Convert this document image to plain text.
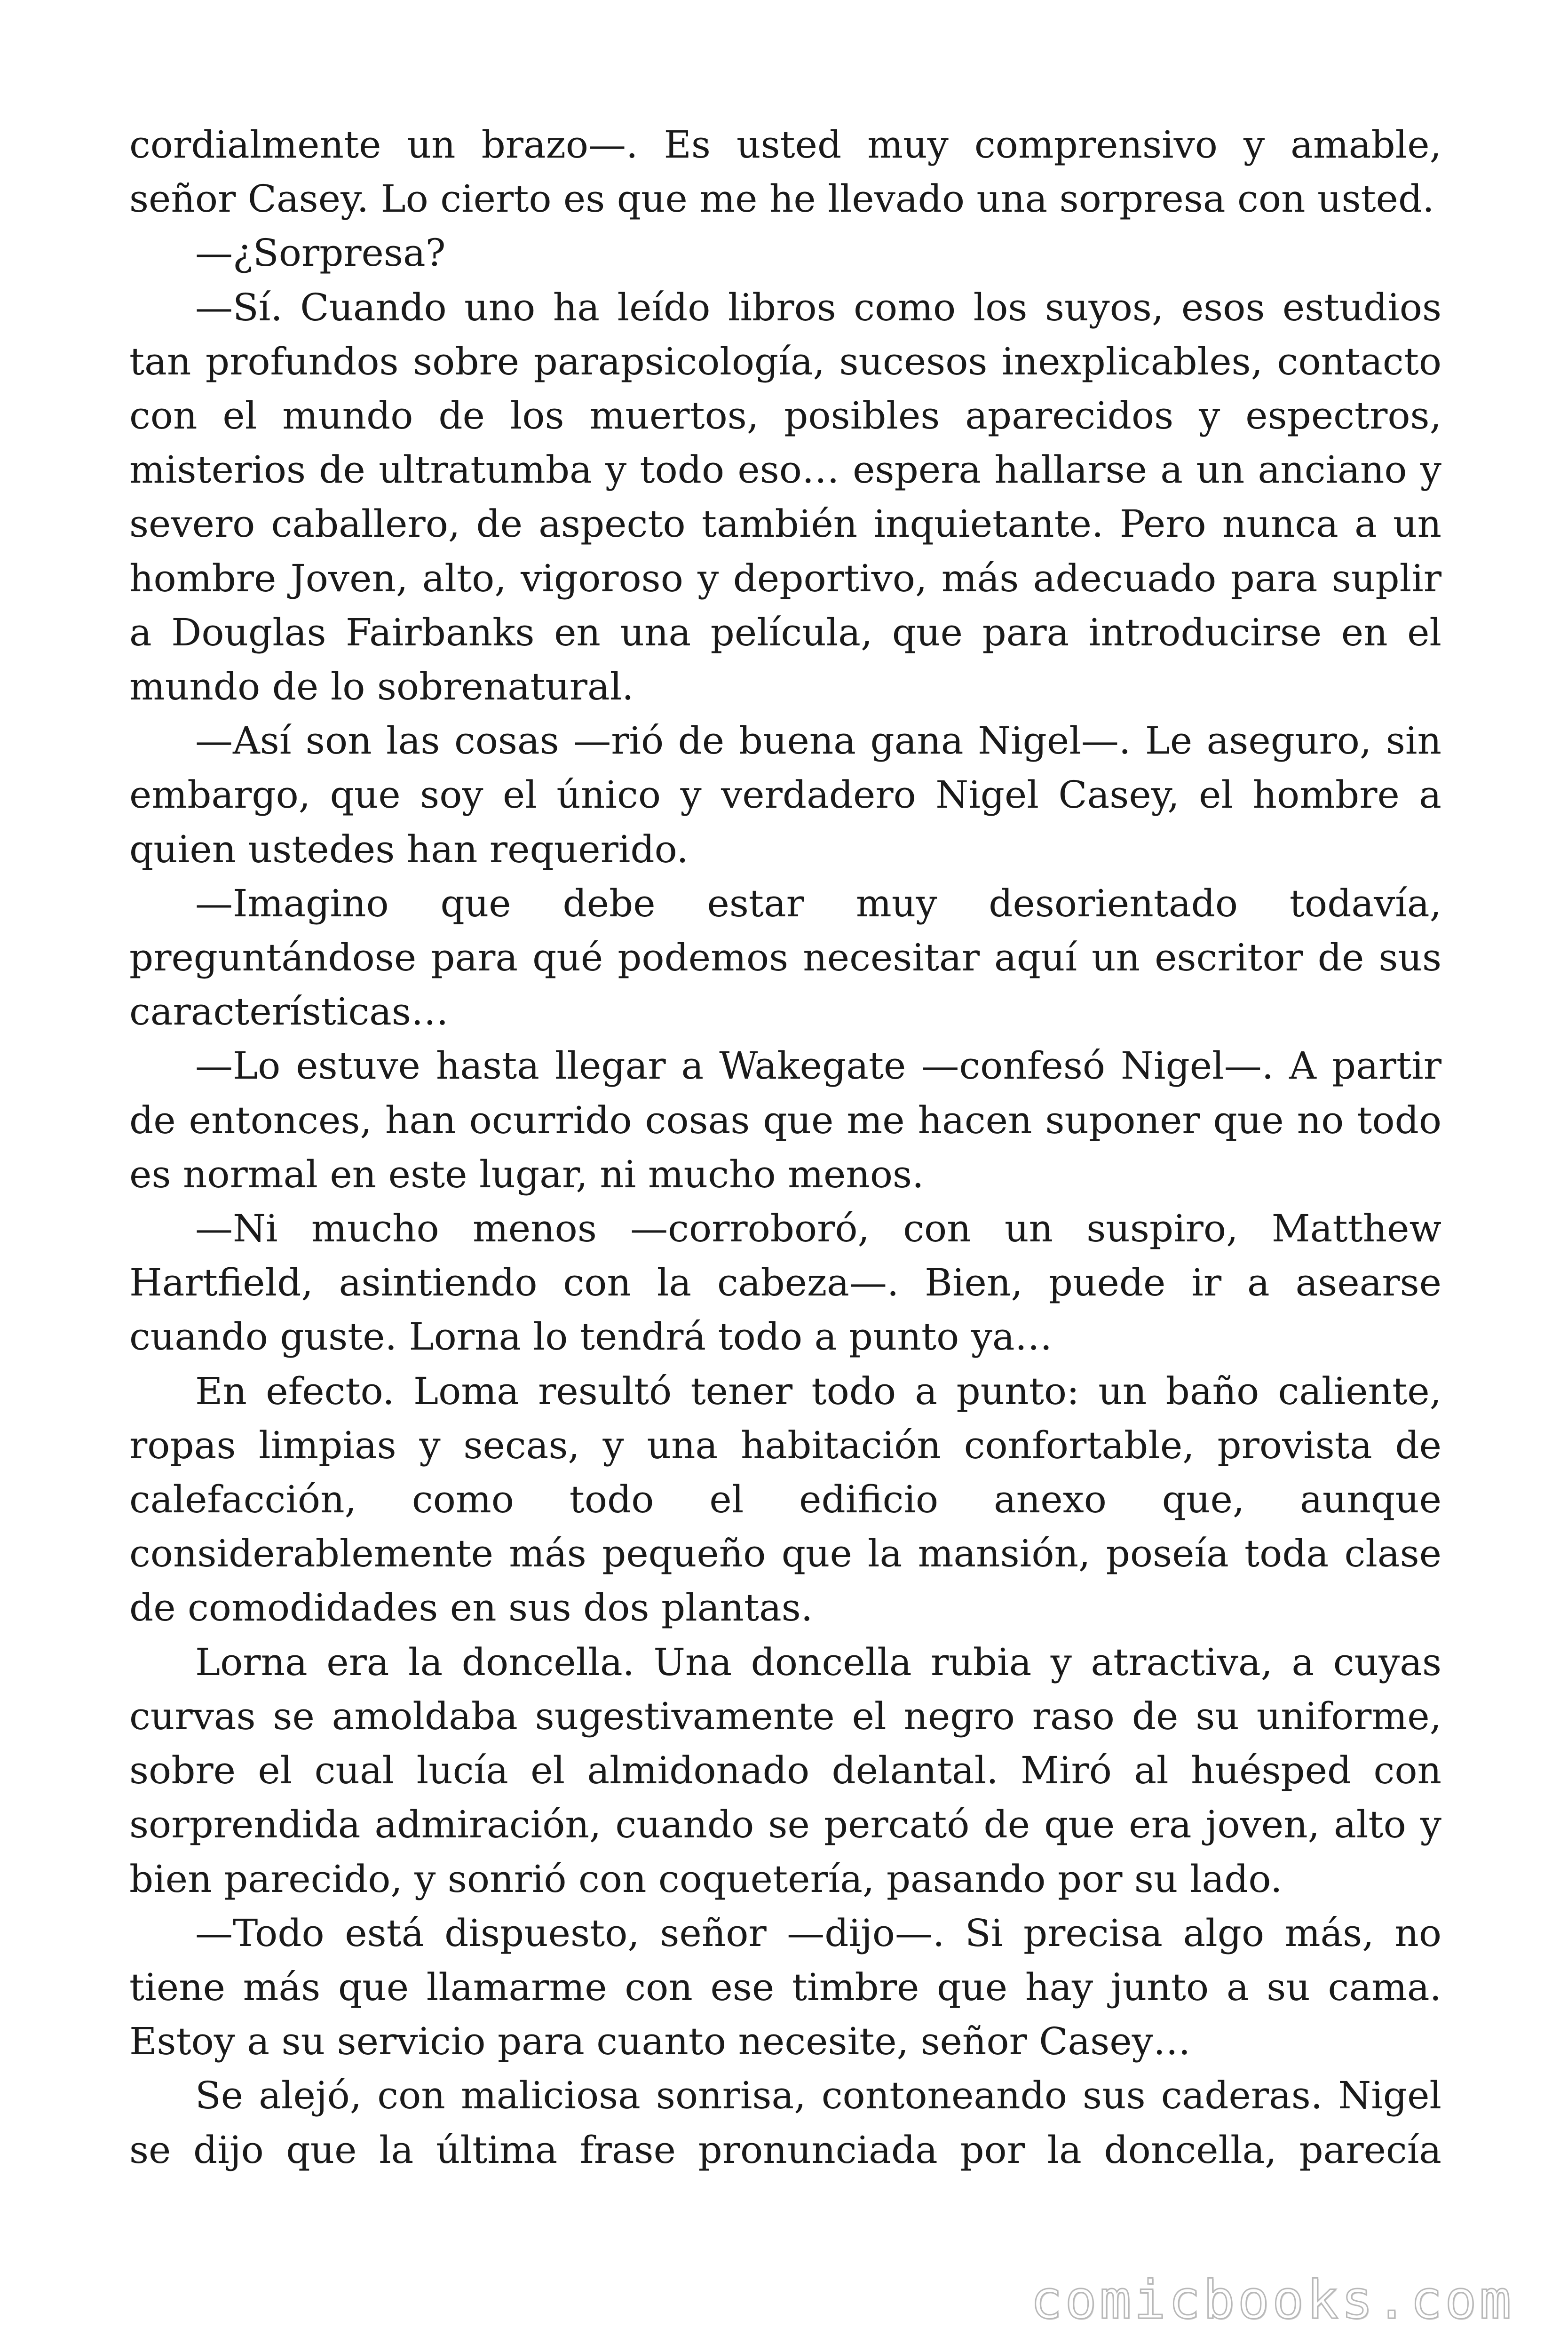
cordialmente un brazo—. Es usted muy comprensivo y amable, señor Casey. Lo cierto es que me he llevado una sorpresa con usted.

—¿Sorpresa?

—Sí. Cuando uno ha leído libros como los suyos, esos estudios tan profundos sobre parapsicología, sucesos inexplicables, contacto con el mundo de los muertos, posibles aparecidos y espectros, misterios de ultratumba y todo eso… espera hallarse a un anciano y severo caballero, de aspecto también inquietante. Pero nunca a un hombre Joven, alto, vigoroso y deportivo, más adecuado para suplir a Douglas Fairbanks en una película, que para introducirse en el mundo de lo sobrenatural.

—Así son las cosas —rió de buena gana Nigel—. Le aseguro, sin embargo, que soy el único y verdadero Nigel Casey, el hombre a quien ustedes han requerido.

—Imagino que debe estar muy desorientado todavía, preguntándose para qué podemos necesitar aquí un escritor de sus características…

—Lo estuve hasta llegar a Wakegate —confesó Nigel—. A partir de entonces, han ocurrido cosas que me hacen suponer que no todo es normal en este lugar, ni mucho menos.

—Ni mucho menos —corroboró, con un suspiro, Matthew Hartfield, asintiendo con la cabeza—. Bien, puede ir a asearse cuando guste. Lorna lo tendrá todo a punto ya…

En efecto. Loma resultó tener todo a punto: un baño caliente, ropas limpias y secas, y una habitación confortable, provista de calefacción, como todo el edificio anexo que, aunque considerablemente más pequeño que la mansión, poseía toda clase de comodidades en sus dos plantas.

Lorna era la doncella. Una doncella rubia y atractiva, a cuyas curvas se amoldaba sugestivamente el negro raso de su uniforme, sobre el cual lucía el almidonado delantal. Miró al huésped con sorprendida admiración, cuando se percató de que era joven, alto y bien parecido, y sonrió con coquetería, pasando por su lado.

—Todo está dispuesto, señor —dijo—. Si precisa algo más, no tiene más que llamarme con ese timbre que hay junto a su cama. Estoy a su servicio para cuanto necesite, señor Casey…

Se alejó, con maliciosa sonrisa, contoneando sus caderas. Nigel se dijo que la última frase pronunciada por la doncella, parecía

comicbooks.com
